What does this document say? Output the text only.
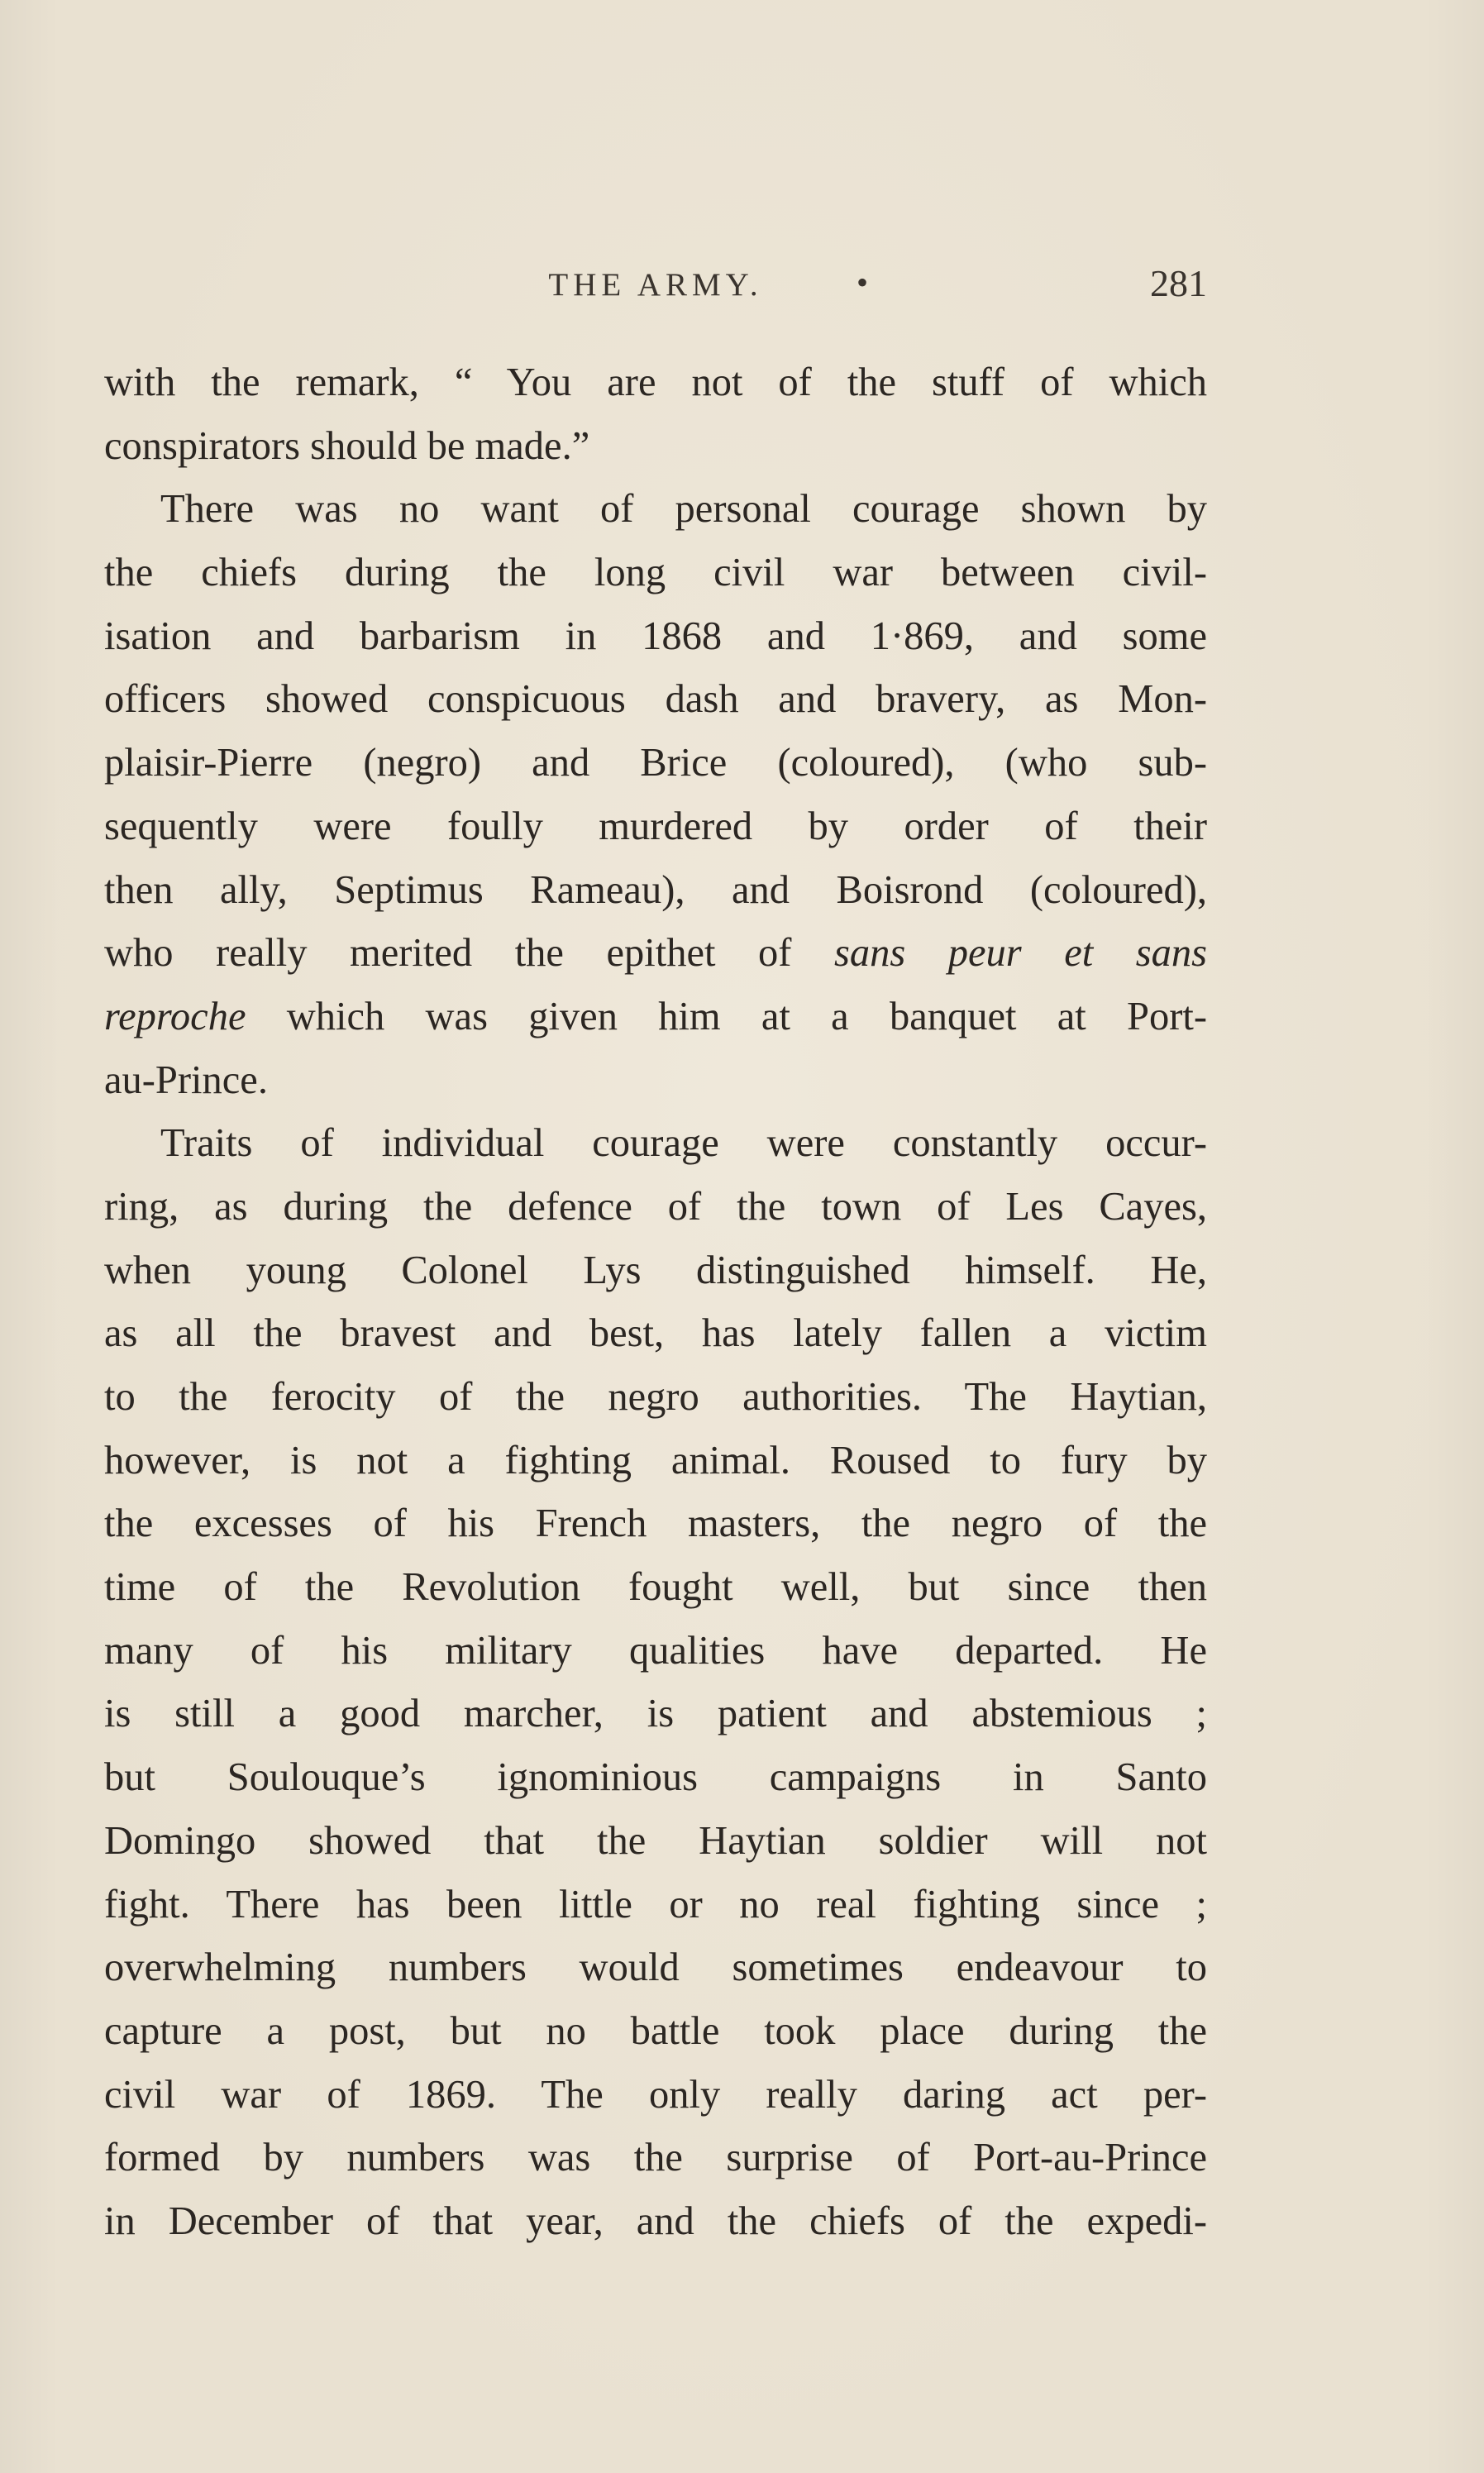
THE ARMY.	•	281
with the remark, “ You are not of the stuff of which
conspirators should be made.”
There was no want of personal courage shown by
the chiefs during the long civil war between civil-
isation and barbarism in 1868 and 1·869, and some
officers showed conspicuous dash and bravery, as Mon-
plaisir-Pierre (negro) and Brice (coloured), (who sub-
sequently were foully murdered by order of their
then ally, Septimus Rameau), and Boisrond (coloured),
who really merited the epithet of sans peur et sans
reproche which was given him at a banquet at Port-
au-Prince.
Traits of individual courage were constantly occur-
ring, as during the defence of the town of Les Cayes,
when young Colonel Lys distinguished himself. He,
as all the bravest and best, has lately fallen a victim
to the ferocity of the negro authorities. The Haytian,
however, is not a fighting animal. Roused to fury by
the excesses of his French masters, the negro of the
time of the Revolution fought well, but since then
many of his military qualities have departed. He
is still a good marcher, is patient and abstemious ;
but Soulouque’s ignominious campaigns in Santo
Domingo showed that the Haytian soldier will not
fight. There has been little or no real fighting since ;
overwhelming numbers would sometimes endeavour to
capture a post, but no battle took place during the
civil war of 1869. The only really daring act per-
formed by numbers was the surprise of Port-au-Prince
in December of that year, and the chiefs of the expedi-
